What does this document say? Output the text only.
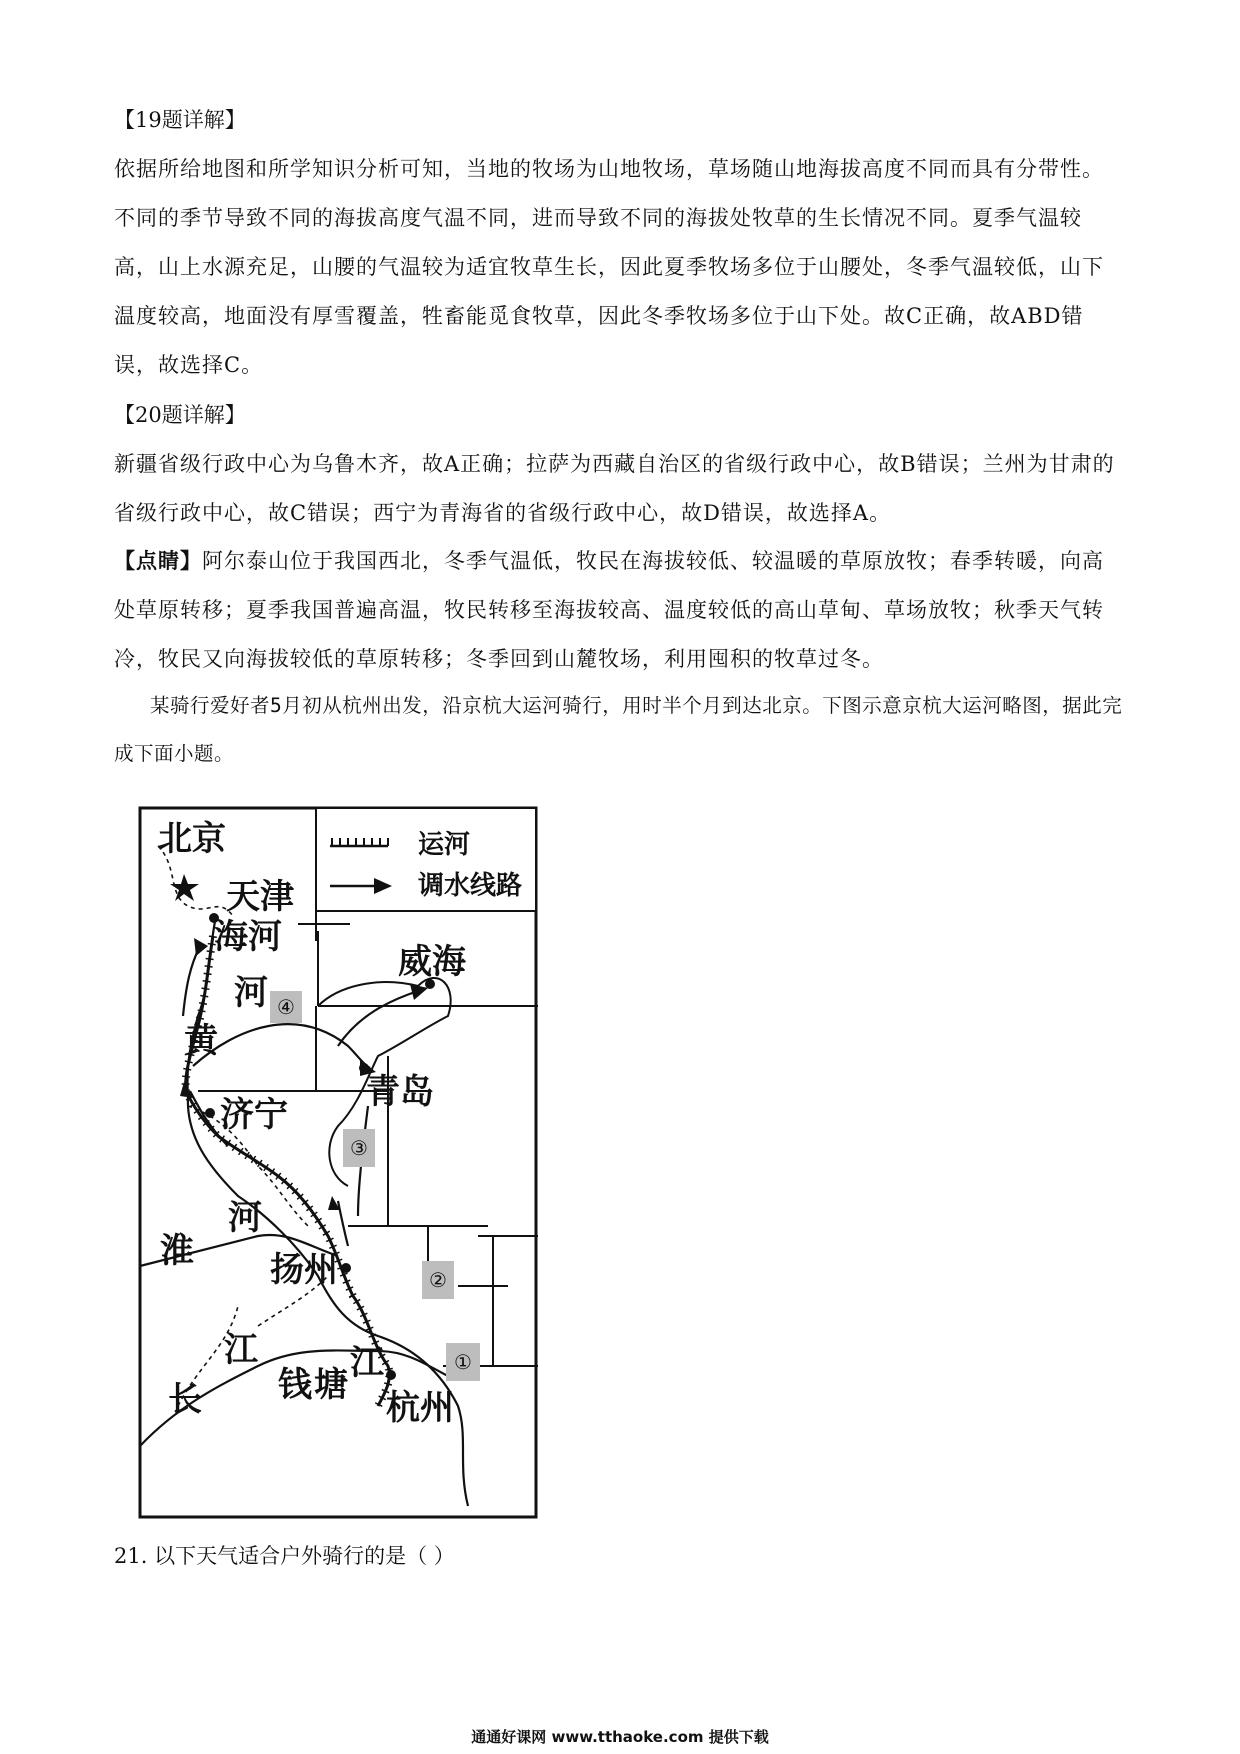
【19题详解】

依据所给地图和所学知识分析可知，当地的牧场为山地牧场，草场随山地海拔高度不同而具有分带性。不同的季节导致不同的海拔高度气温不同，进而导致不同的海拔处牧草的生长情况不同。夏季气温较高，山上水源充足，山腰的气温较为适宜牧草生长，因此夏季牧场多位于山腰处，冬季气温较低，山下温度较高，地面没有厚雪覆盖，牲畜能觅食牧草，因此冬季牧场多位于山下处。故C正确，故ABD错误，故选择C。

【20题详解】

新疆省级行政中心为乌鲁木齐，故A正确；拉萨为西藏自治区的省级行政中心，故B错误；兰州为甘肃的省级行政中心，故C错误；西宁为青海省的省级行政中心，故D错误，故选择A。

【点睛】阿尔泰山位于我国西北，冬季气温低，牧民在海拔较低、较温暖的草原放牧；春季转暖，向高处草原转移；夏季我国普遍高温，牧民转移至海拔较高、温度较低的高山草甸、草场放牧；秋季天气转冷，牧民又向海拔较低的草原转移；冬季回到山麓牧场，利用囤积的牧草过冬。

某骑行爱好者5月初从杭州出发，沿京杭大运河骑行，用时半个月到达北京。下图示意京杭大运河略图，据此完成下面小题。

运河
调水线路
北京
天津
威海
青岛
济宁
扬州
杭州
海 河
河
黄
河
淮
江
长 钱 塘
江
④
③
②
①

21. 以下天气适合户外骑行的是（ ）

通通好课网 www.tthaoke.com 提供下载
